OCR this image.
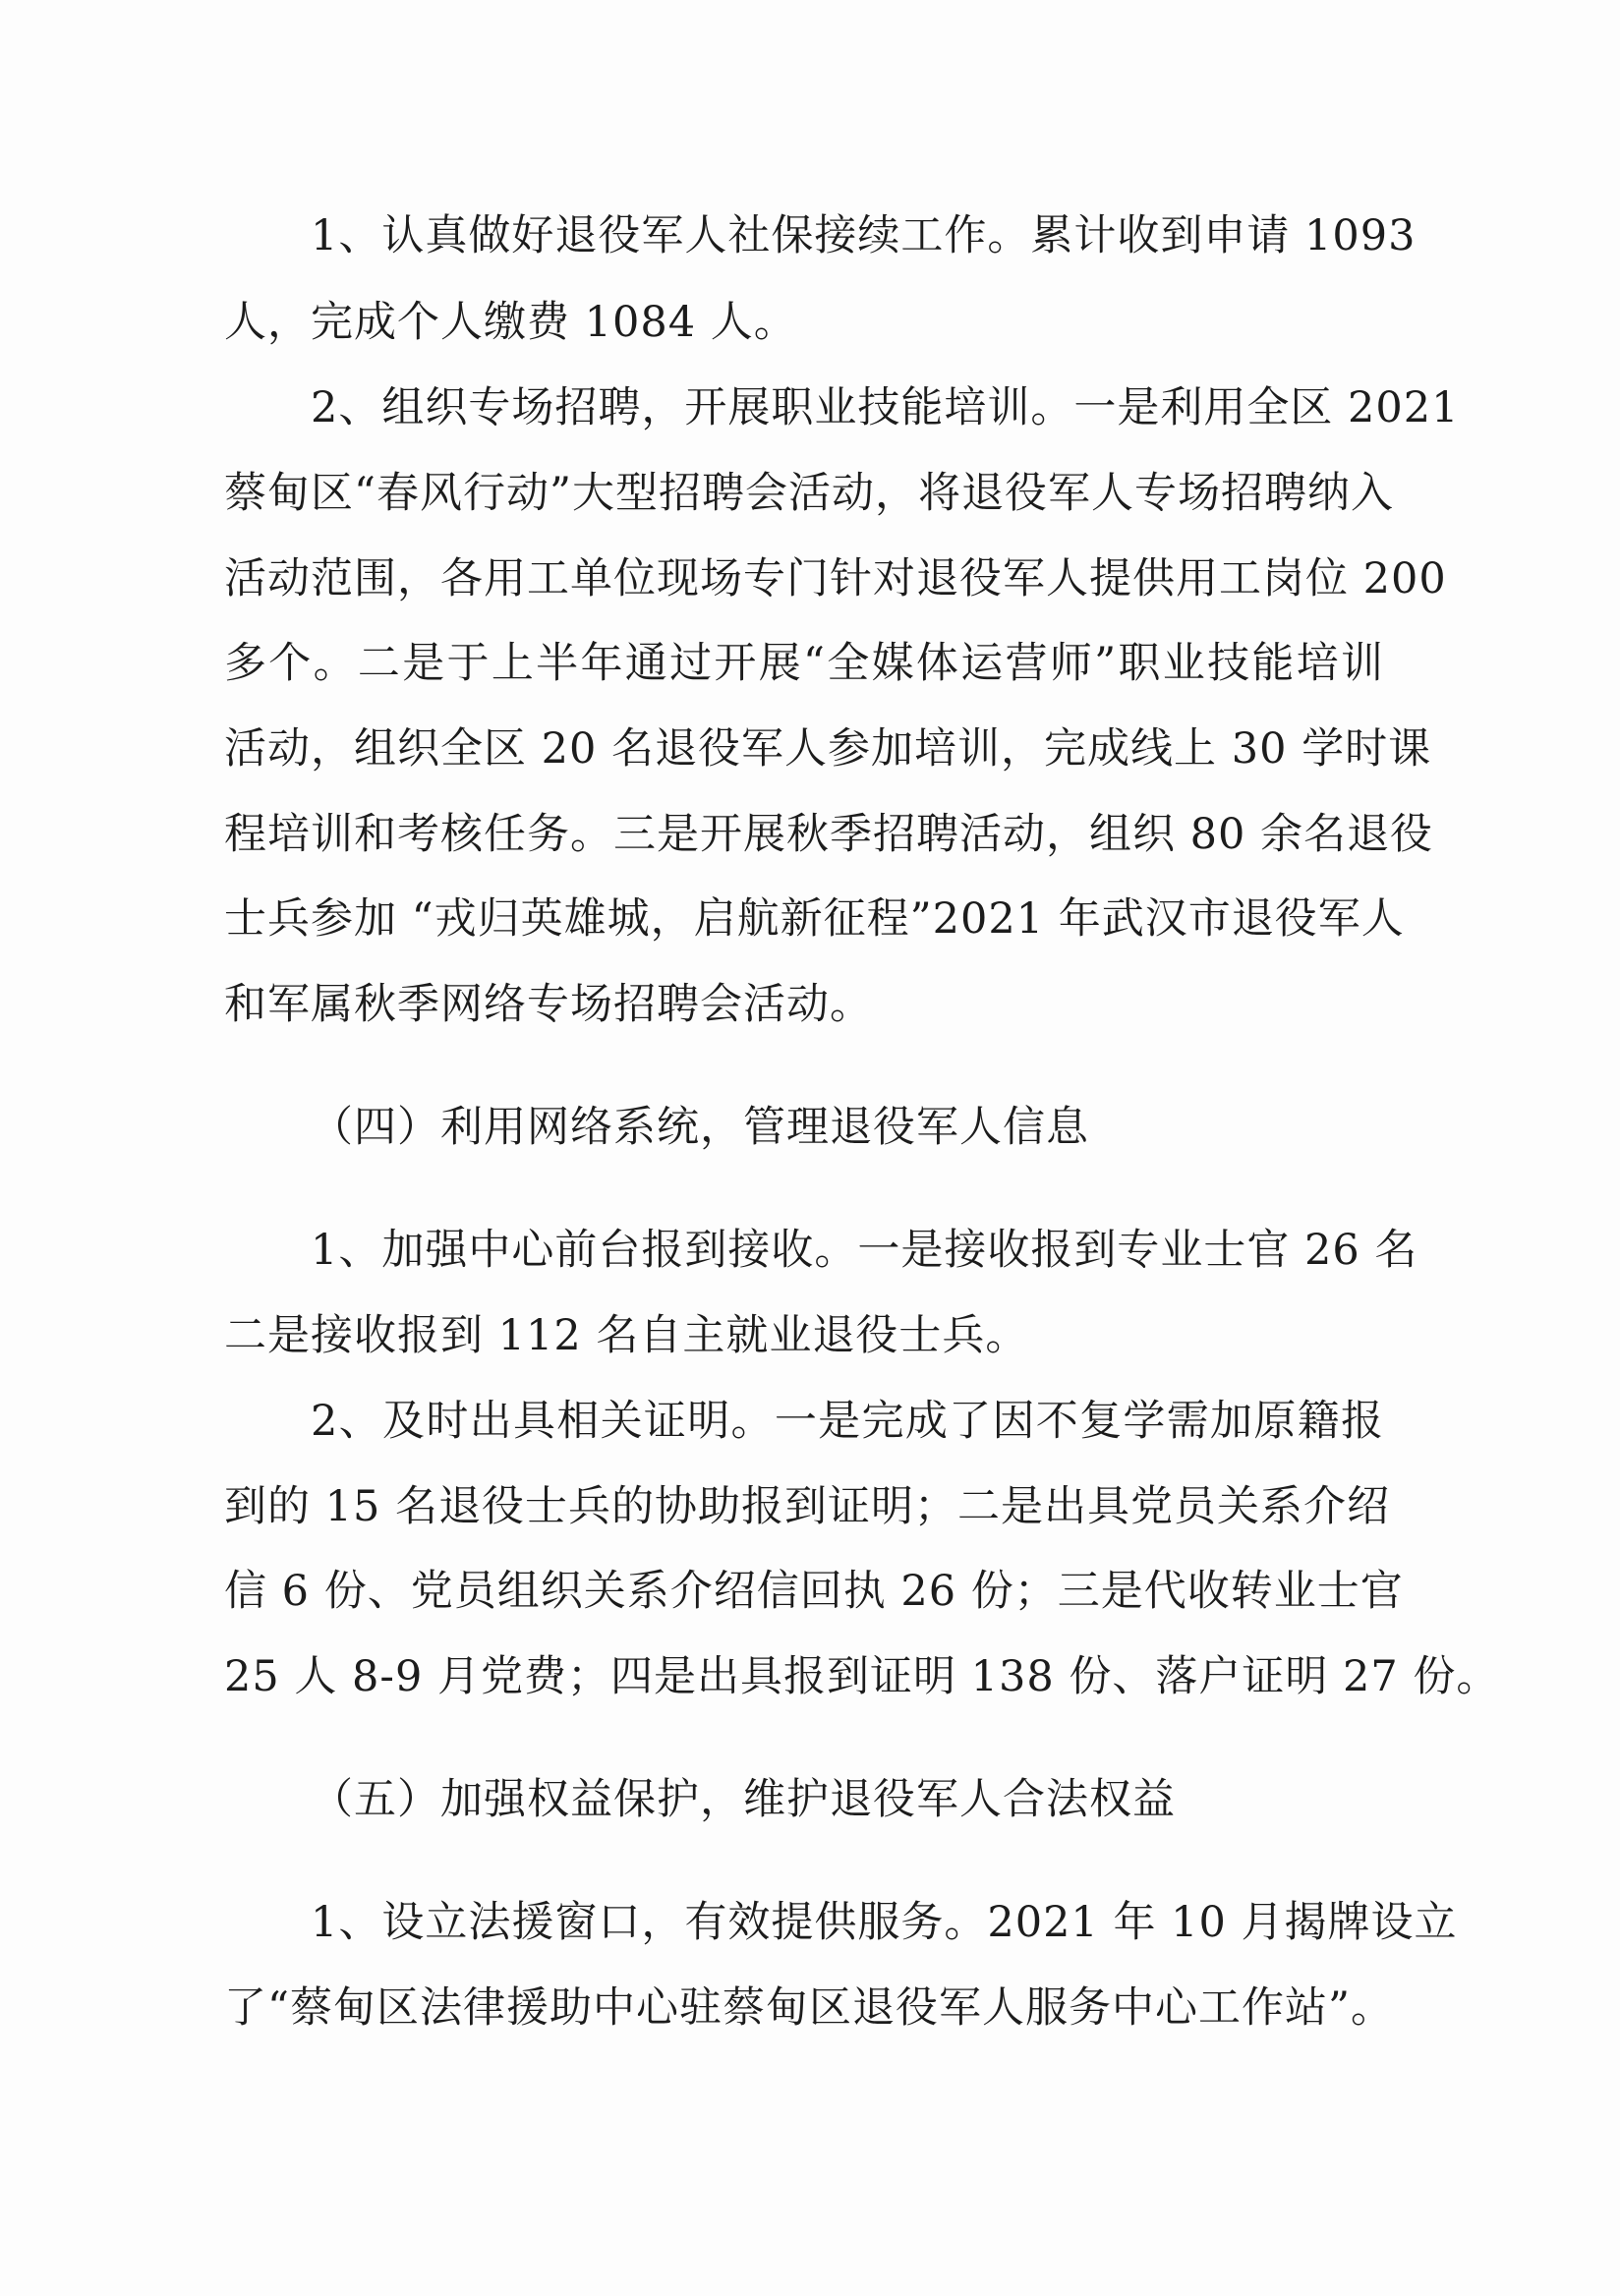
1、认真做好退役军人社保接续工作。累计收到申请 1093
人，完成个人缴费 1084 人。
2、组织专场招聘，开展职业技能培训。一是利用全区 2021
蔡甸区“春风行动”大型招聘会活动，将退役军人专场招聘纳入
活动范围，各用工单位现场专门针对退役军人提供用工岗位 200
多个。二是于上半年通过开展“全媒体运营师”职业技能培训
活动，组织全区 20 名退役军人参加培训，完成线上 30 学时课
程培训和考核任务。三是开展秋季招聘活动，组织 80 余名退役
士兵参加 “戎归英雄城，启航新征程”2021 年武汉市退役军人
和军属秋季网络专场招聘会活动。
（四）利用网络系统，管理退役军人信息
1、加强中心前台报到接收。一是接收报到专业士官 26 名
二是接收报到 112 名自主就业退役士兵。
2、及时出具相关证明。一是完成了因不复学需加原籍报
到的 15 名退役士兵的协助报到证明；二是出具党员关系介绍
信 6 份、党员组织关系介绍信回执 26 份；三是代收转业士官
25 人 8-9 月党费；四是出具报到证明 138 份、落户证明 27 份。
（五）加强权益保护，维护退役军人合法权益
1、设立法援窗口，有效提供服务。2021 年 10 月揭牌设立
了“蔡甸区法律援助中心驻蔡甸区退役军人服务中心工作站”。
